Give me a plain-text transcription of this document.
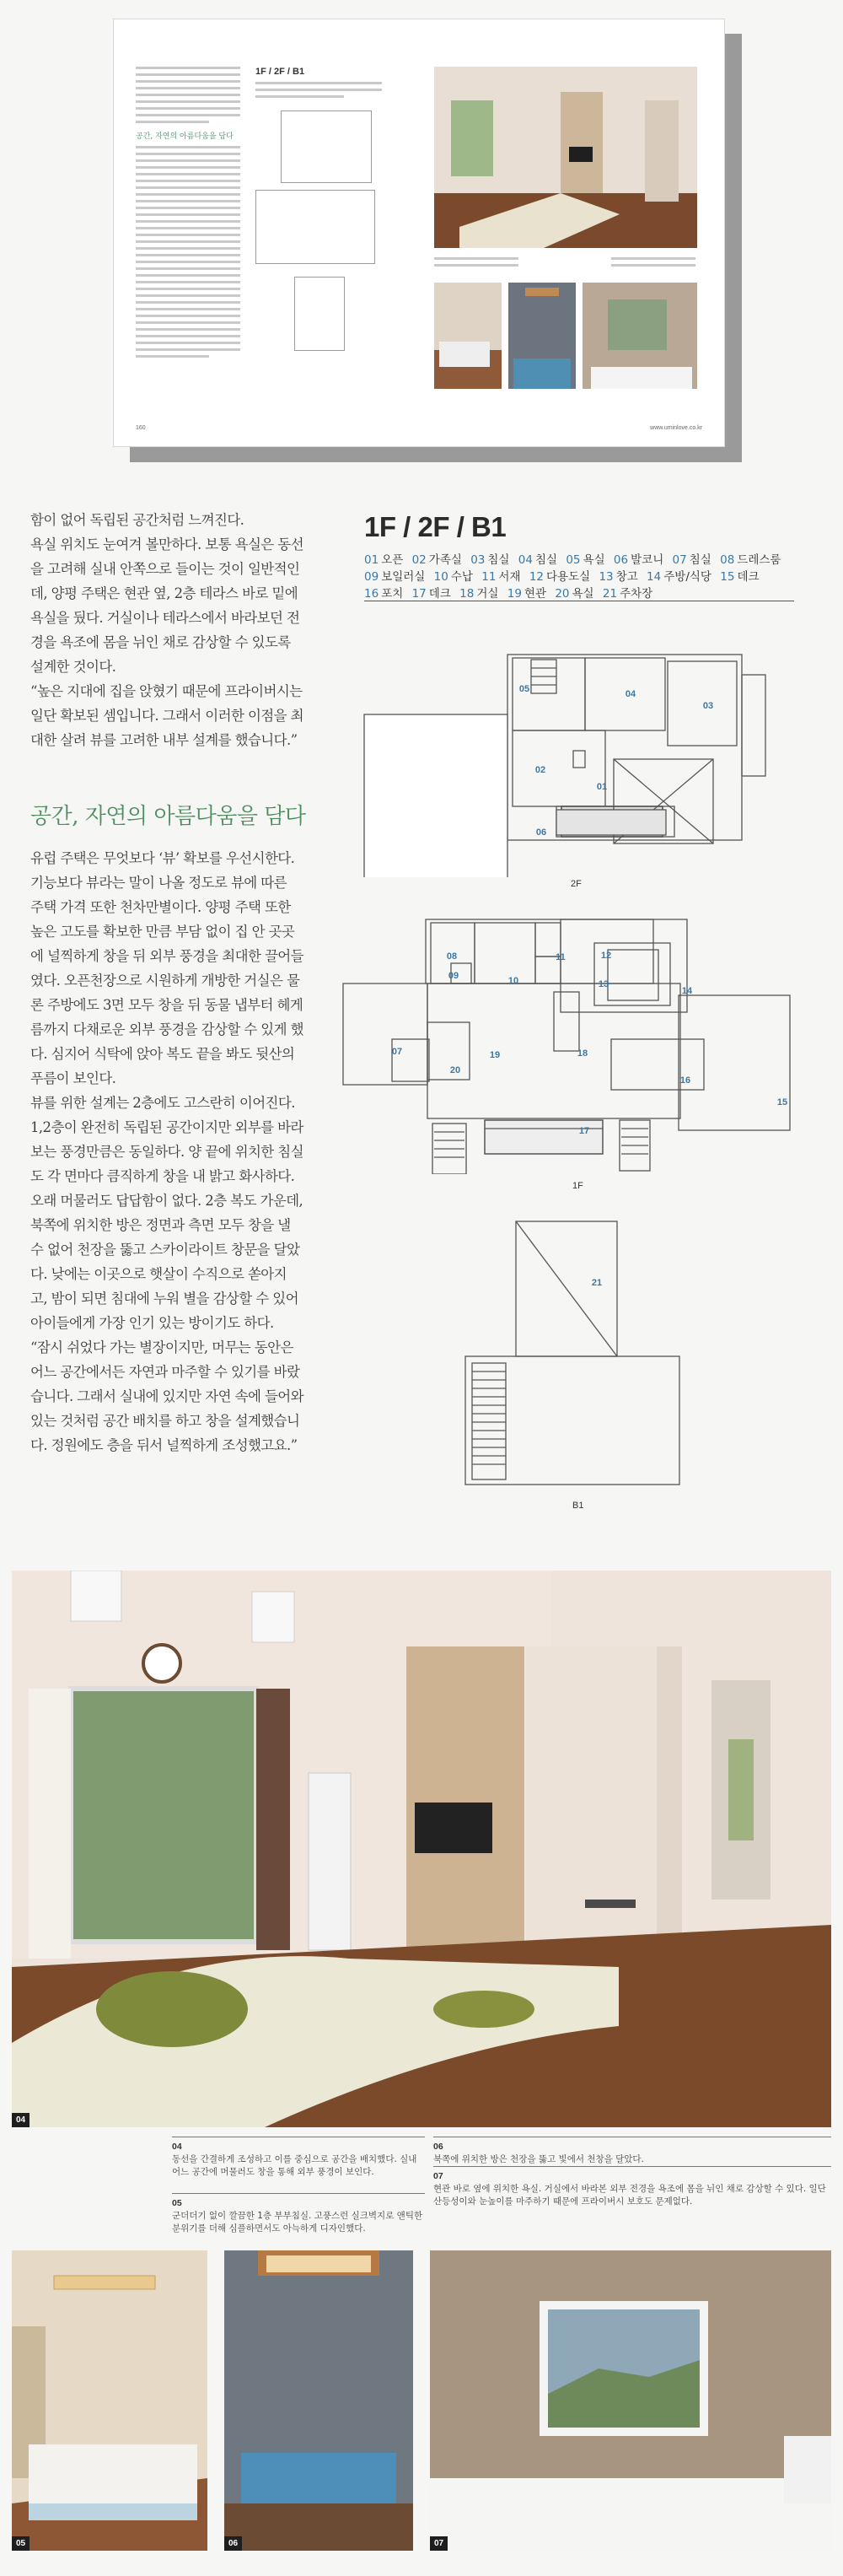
공간, 자연의 아름다움을 담다
1F / 2F / B1
160	www.uminlove.co.kr

함이 없어 독립된 공간처럼 느껴진다.

욕실 위치도 눈여겨 볼만하다. 보통 욕실은 동선

을 고려해 실내 안쪽으로 들이는 것이 일반적인

데, 양평 주택은 현관 옆, 2층 테라스 바로 밑에

욕실을 뒀다. 거실이나 테라스에서 바라보던 전

경을 욕조에 몸을 뉘인 채로 감상할 수 있도록

설계한 것이다.

“높은 지대에 집을 앉혔기 때문에 프라이버시는

일단 확보된 셈입니다. 그래서 이러한 이점을 최

대한 살려 뷰를 고려한 내부 설계를 했습니다.”

공간, 자연의 아름다움을 담다

유럽 주택은 무엇보다 ‘뷰’ 확보를 우선시한다.

기능보다 뷰라는 말이 나올 정도로 뷰에 따른

주택 가격 또한 천차만별이다. 양평 주택 또한

높은 고도를 확보한 만큼 부담 없이 집 안 곳곳

에 널찍하게 창을 뒤 외부 풍경을 최대한 끌어들

였다. 오픈천장으로 시원하게 개방한 거실은 물

론 주방에도 3면 모두 창을 뒤 동물 냅부터 헤게

름까지 다채로운 외부 풍경을 감상할 수 있게 했

다. 심지어 식탁에 앉아 복도 끝을 봐도 뒷산의

푸름이 보인다.

뷰를 위한 설계는 2층에도 고스란히 이어진다.

1,2층이 완전히 독립된 공간이지만 외부를 바라

보는 풍경만큼은 동일하다. 양 끝에 위치한 침실

도 각 면마다 큼직하게 창을 내 밝고 화사하다.

오래 머물러도 답답함이 없다. 2층 복도 가운데,

북쪽에 위치한 방은 정면과 측면 모두 창을 낼

수 없어 천장을 뚫고 스카이라이트 창문을 달았

다. 낮에는 이곳으로 햇살이 수직으로 쏟아지

고, 밤이 되면 침대에 누워 별을 감상할 수 있어

아이들에게 가장 인기 있는 방이기도 하다.

“잠시 쉬었다 가는 별장이지만, 머무는 동안은

어느 공간에서든 자연과 마주할 수 있기를 바랐

습니다. 그래서 실내에 있지만 자연 속에 들어와

있는 것처럼 공간 배치를 하고 창을 설계했습니

다. 정원에도 층을 뒤서 널찍하게 조성했고요.”

1F / 2F / B1
01 오픈 02 가족실 03 침실 04 침실 05 욕실 06 발코니 07 침실 08 드레스룸 09 보일러실 10 수납 11 서재 12 다용도실 13 창고 14 주방/식당 15 데크 16 포치 17 데크 18 거실 19 현관 20 욕실 21 주차장
01
02
03
04
05
06
2F
07
08
09	10
11	12
13
14
15
16
17
18
19
20
1F
21
B1
04
04
동선을 간결하게 조성하고 이를 중심으로 공간을 배치했다. 실내 어느 공간에 머물러도 창을 통해 외부 풍경이 보인다.
05
군더더기 없이 깔끔한 1층 부부침실. 고풍스런 실크벽지로 앤틱한 분위기를 더해 심플하면서도 아늑하게 디자인했다.
06
북쪽에 위치한 방은 천장을 뚫고 빛에서 천창을 달았다.
07
현관 바로 옆에 위치한 욕실. 거실에서 바라본 외부 전경을 욕조에 몸을 뉘인 채로 감상할 수 있다. 일단 산등성이와 눈높이를 마주하기 때문에 프라이버시 보호도 문제없다.
05	06	07
